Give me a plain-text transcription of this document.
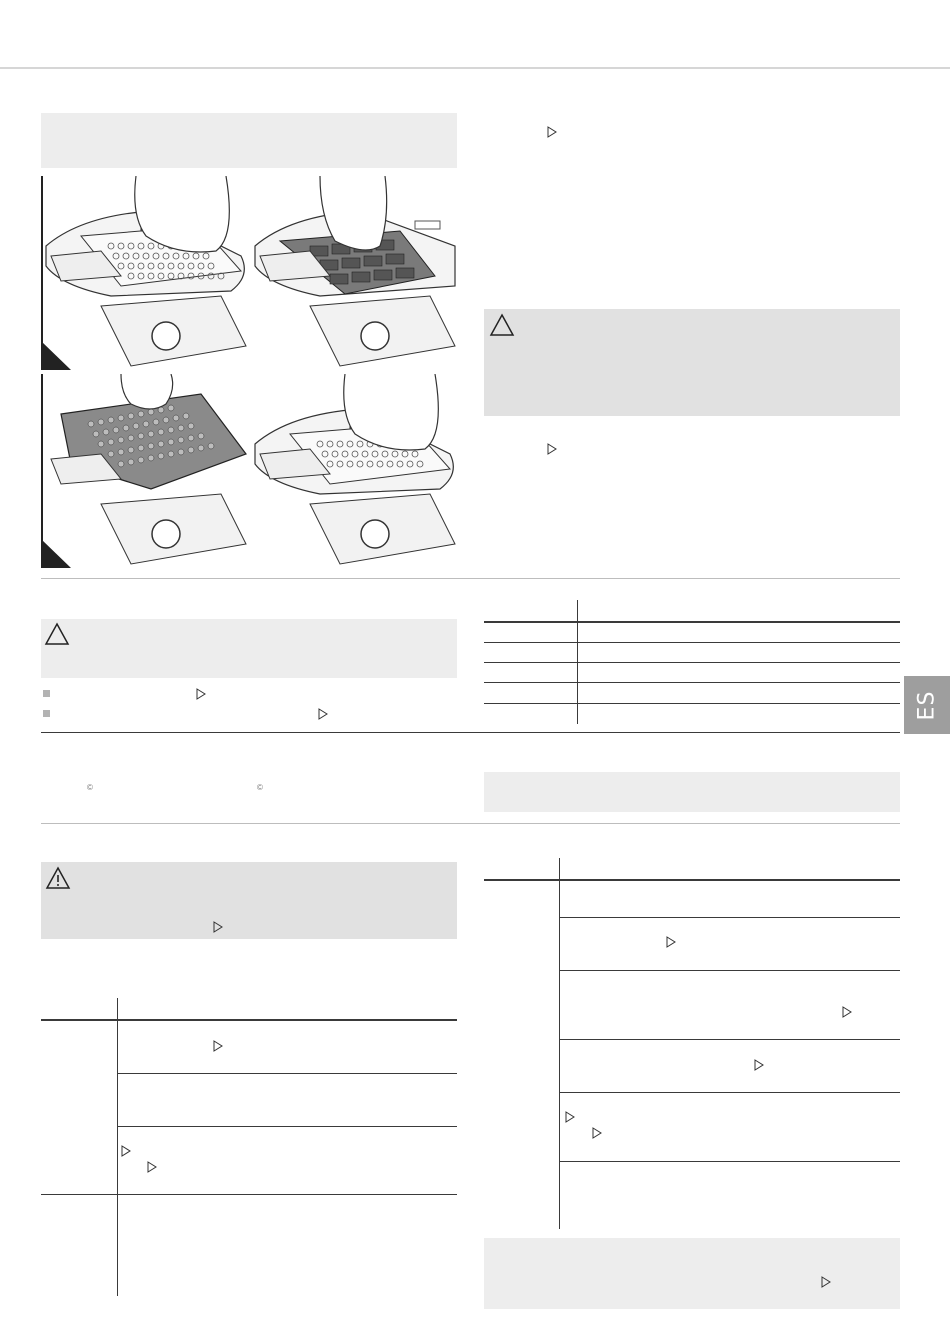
ES
©	©
